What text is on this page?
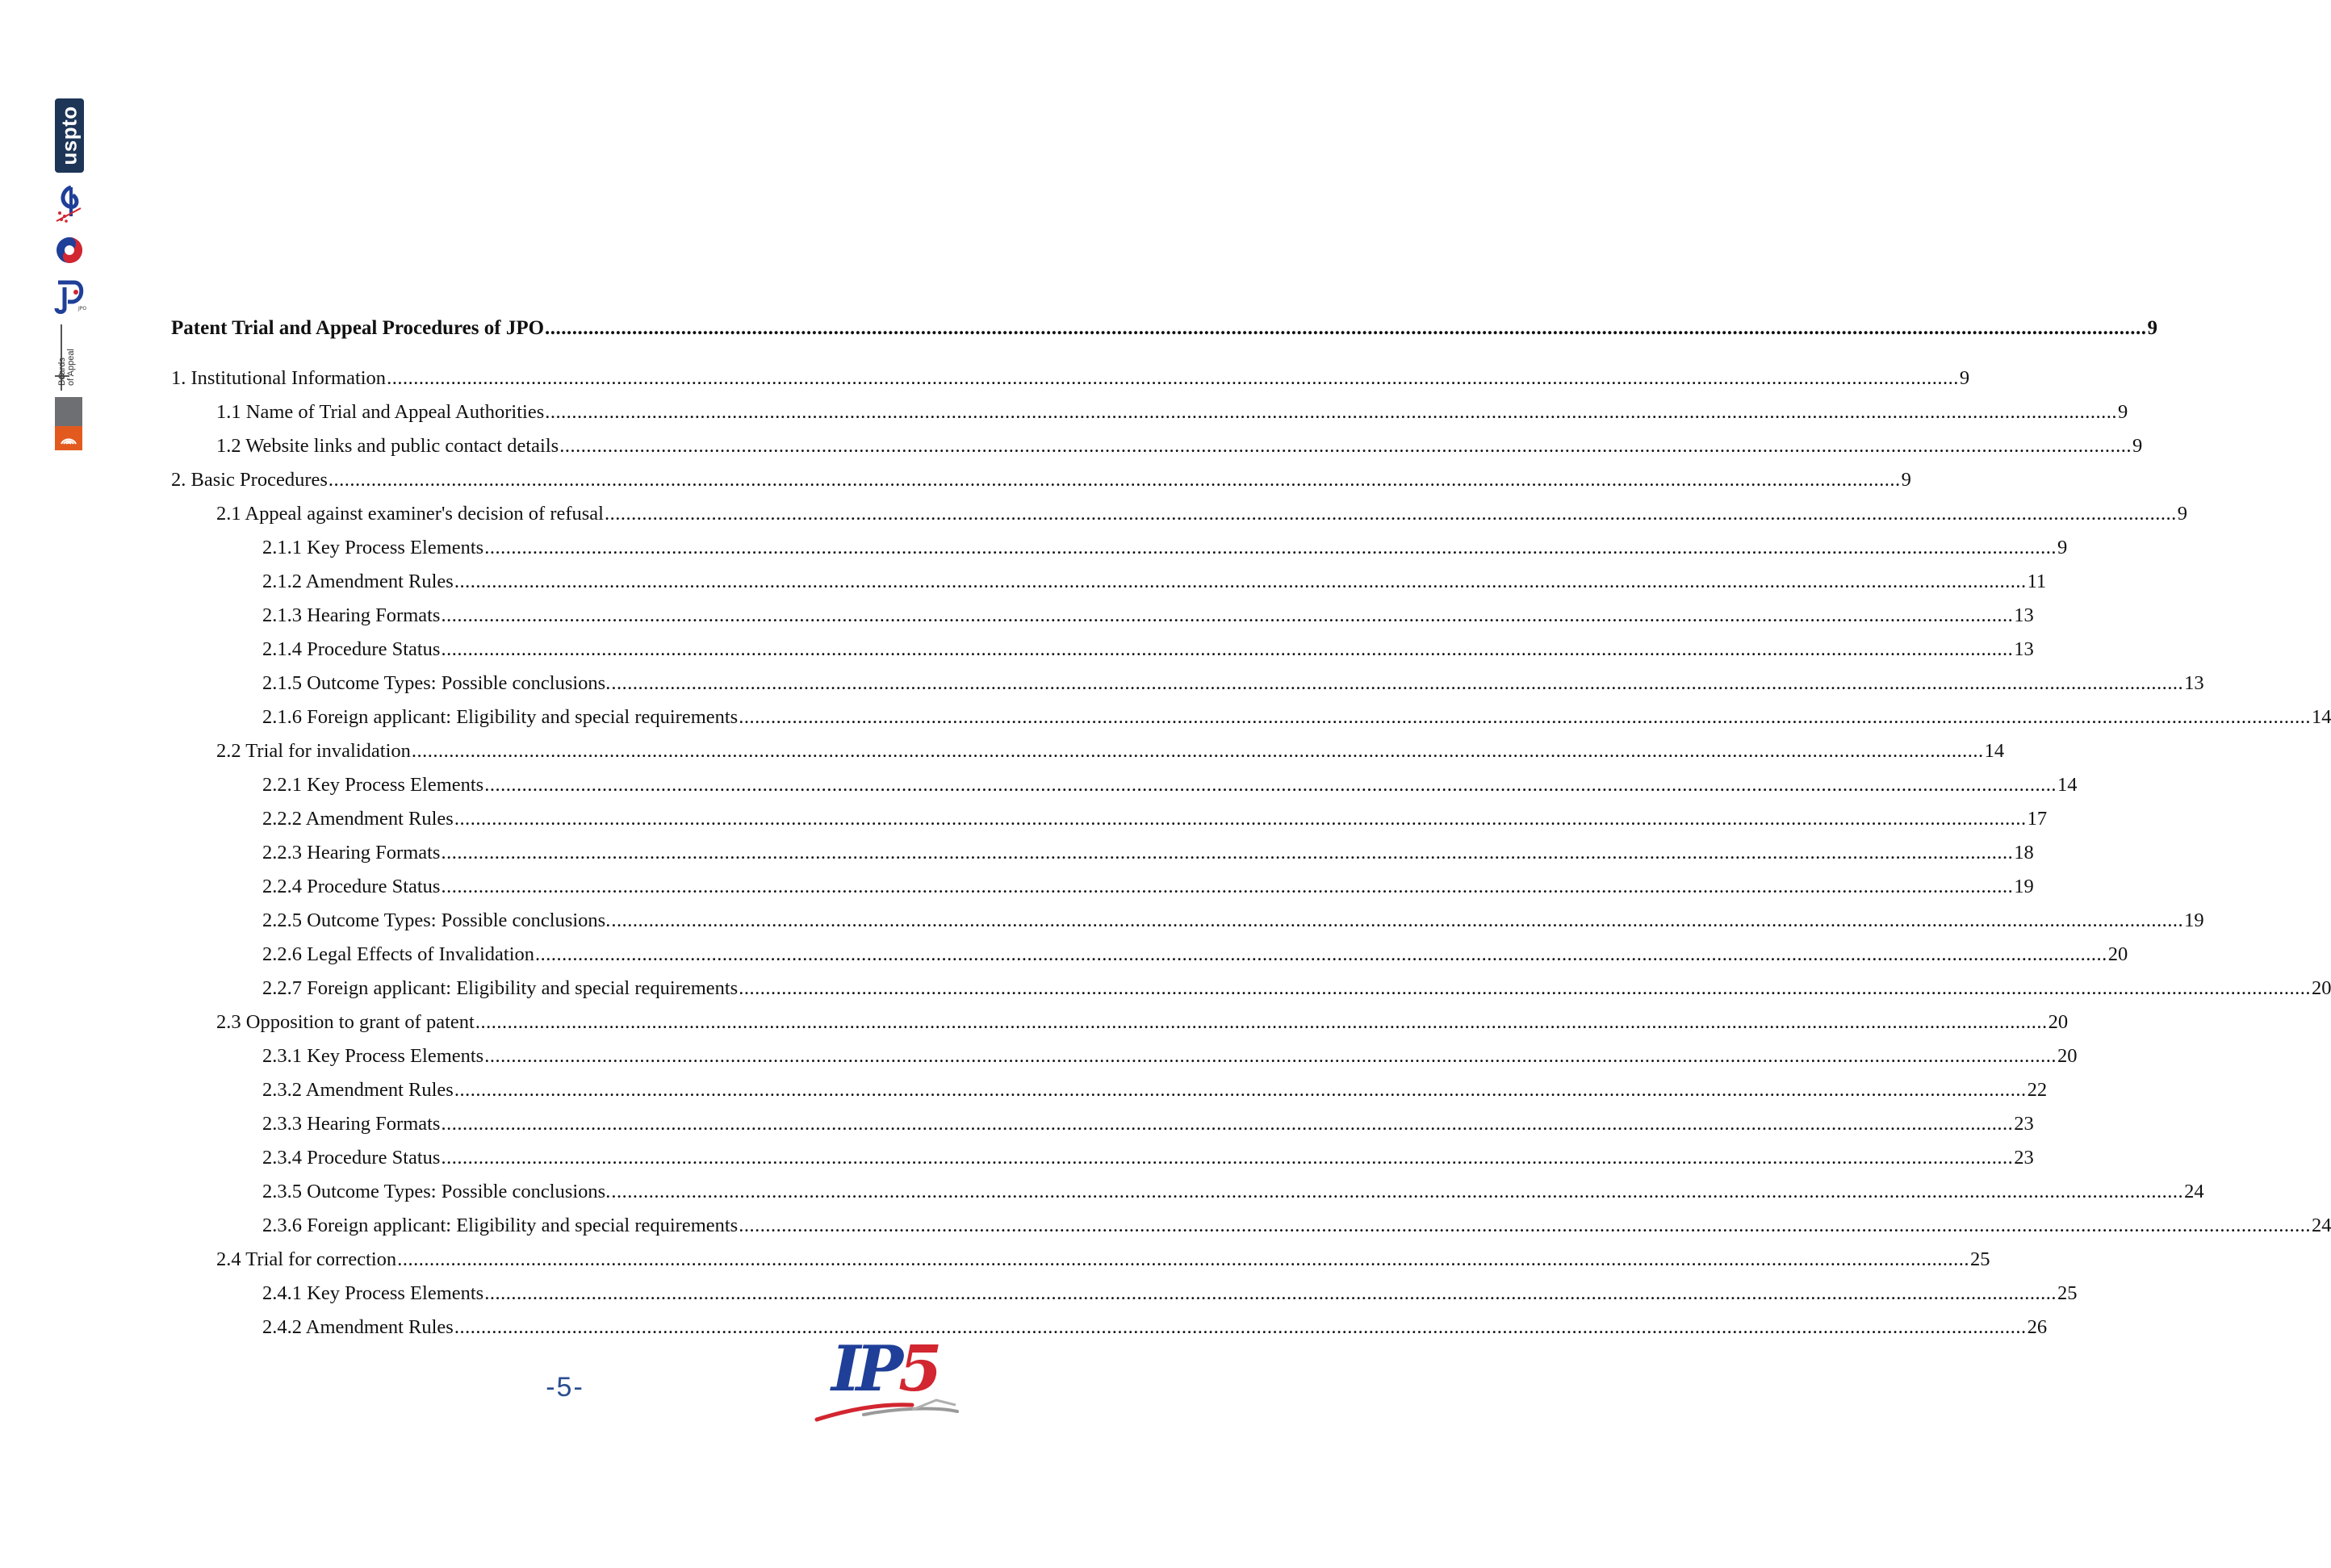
uspto
JPO
Boards of Appeal
Patent Trial and Appeal Procedures of JPO .....	9
1. Institutional Information .....	9
1.1 Name of Trial and Appeal Authorities .....	9
1.2 Website links and public contact details .....	9
2. Basic Procedures .....	9
2.1 Appeal against examiner's decision of refusal .....	9
2.1.1 Key Process Elements .....	9
2.1.2 Amendment Rules .....	11
2.1.3 Hearing Formats .....	13
2.1.4 Procedure Status .....	13
2.1.5 Outcome Types: Possible conclusions. .....	13
2.1.6 Foreign applicant: Eligibility and special requirements .....	14
2.2 Trial for invalidation .....	14
2.2.1 Key Process Elements .....	14
2.2.2 Amendment Rules .....	17
2.2.3 Hearing Formats .....	18
2.2.4 Procedure Status .....	19
2.2.5 Outcome Types: Possible conclusions. .....	19
2.2.6 Legal Effects of Invalidation .....	20
2.2.7 Foreign applicant: Eligibility and special requirements .....	20
2.3 Opposition to grant of patent .....	20
2.3.1 Key Process Elements .....	20
2.3.2 Amendment Rules .....	22
2.3.3 Hearing Formats .....	23
2.3.4 Procedure Status .....	23
2.3.5 Outcome Types: Possible conclusions. .....	24
2.3.6 Foreign applicant: Eligibility and special requirements .....	24
2.4 Trial for correction .....	25
2.4.1 Key Process Elements .....	25
2.4.2 Amendment Rules .....	26
-5-	IP5
